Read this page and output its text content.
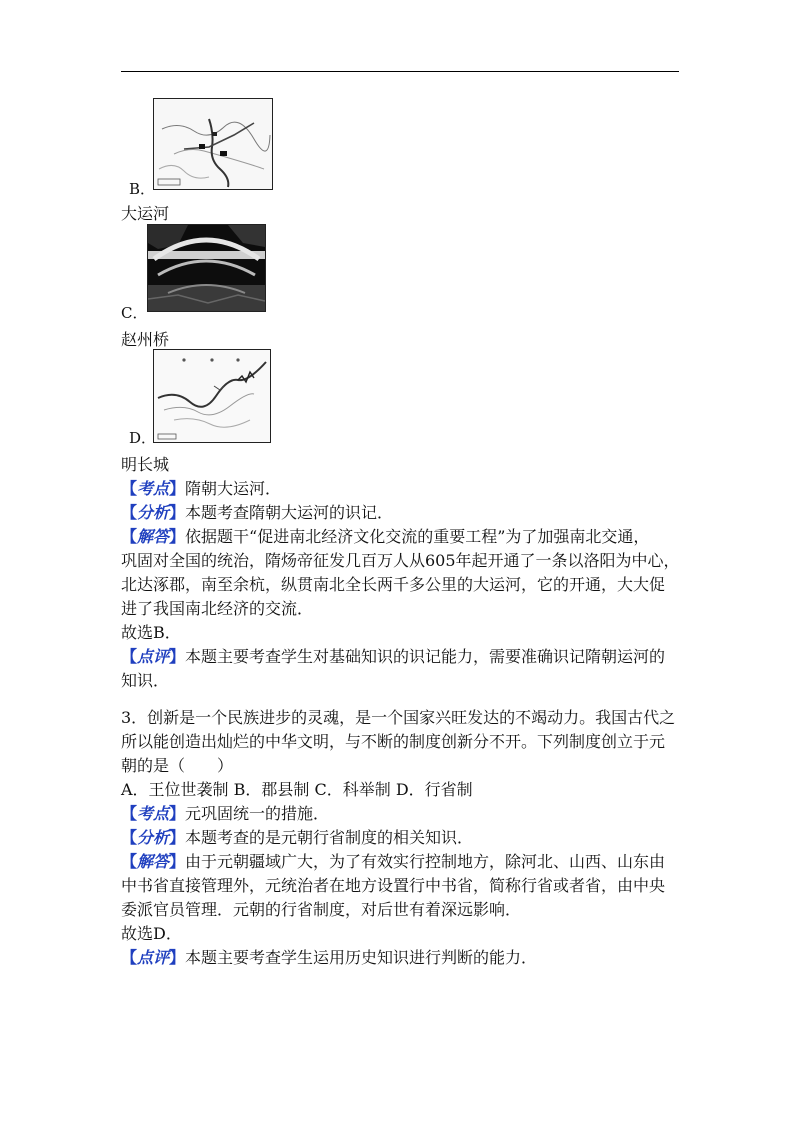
B．
大运河
C．
赵州桥
D．
明长城
【考点】隋朝大运河．
【分析】本题考查隋朝大运河的识记．
【解答】依据题干“促进南北经济文化交流的重要工程”为了加强南北交通，
巩固对全国的统治，隋炀帝征发几百万人从605年起开通了一条以洛阳为中心，
北达涿郡，南至余杭，纵贯南北全长两千多公里的大运河，它的开通，大大促
进了我国南北经济的交流．
故选B．
【点评】本题主要考查学生对基础知识的识记能力，需要准确识记隋朝运河的
知识．
3．创新是一个民族进步的灵魂，是一个国家兴旺发达的不竭动力。我国古代之
所以能创造出灿烂的中华文明，与不断的制度创新分不开。下列制度创立于元
朝的是（　　）
A．王位世袭制 B．郡县制 C．科举制 D．行省制
【考点】元巩固统一的措施．
【分析】本题考查的是元朝行省制度的相关知识．
【解答】由于元朝疆域广大，为了有效实行控制地方，除河北、山西、山东由
中书省直接管理外，元统治者在地方设置行中书省，简称行省或者省，由中央
委派官员管理．元朝的行省制度，对后世有着深远影响．
故选D．
【点评】本题主要考查学生运用历史知识进行判断的能力．
